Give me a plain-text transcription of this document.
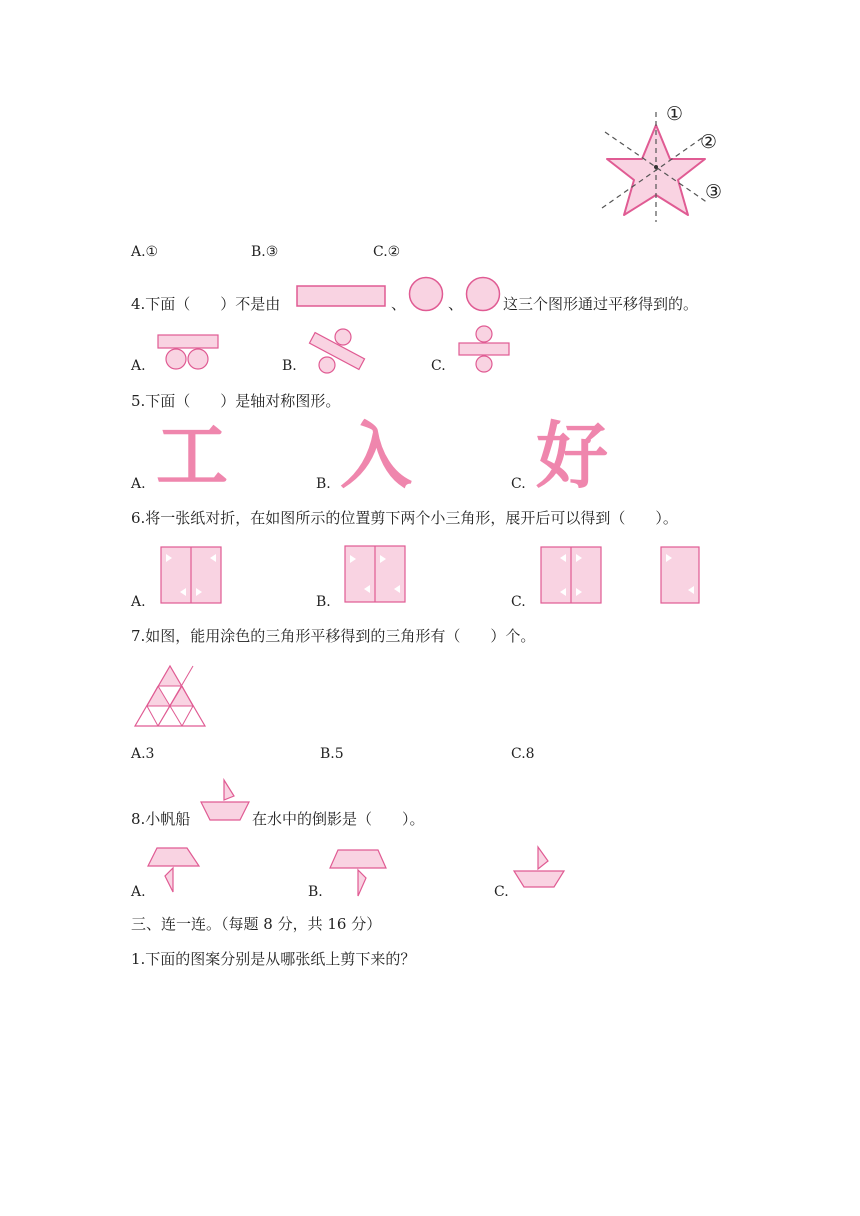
①
②
③
A.①	B.③	C.②
4.下面（　　）不是由	、	、	这三个图形通过平移得到的。
A.	B.	C.
5.下面（　　）是轴对称图形。
A. 工	B. 入	C. 好
6.将一张纸对折，在如图所示的位置剪下两个小三角形，展开后可以得到（　　）。
A.	B.	C.
7.如图，能用涂色的三角形平移得到的三角形有（　　）个。
A.3	B.5	C.8
8.小帆船	在水中的倒影是（　　）。
A.	B.	C.
三、连一连。（每题 8 分，共 16 分）
1.下面的图案分别是从哪张纸上剪下来的？
